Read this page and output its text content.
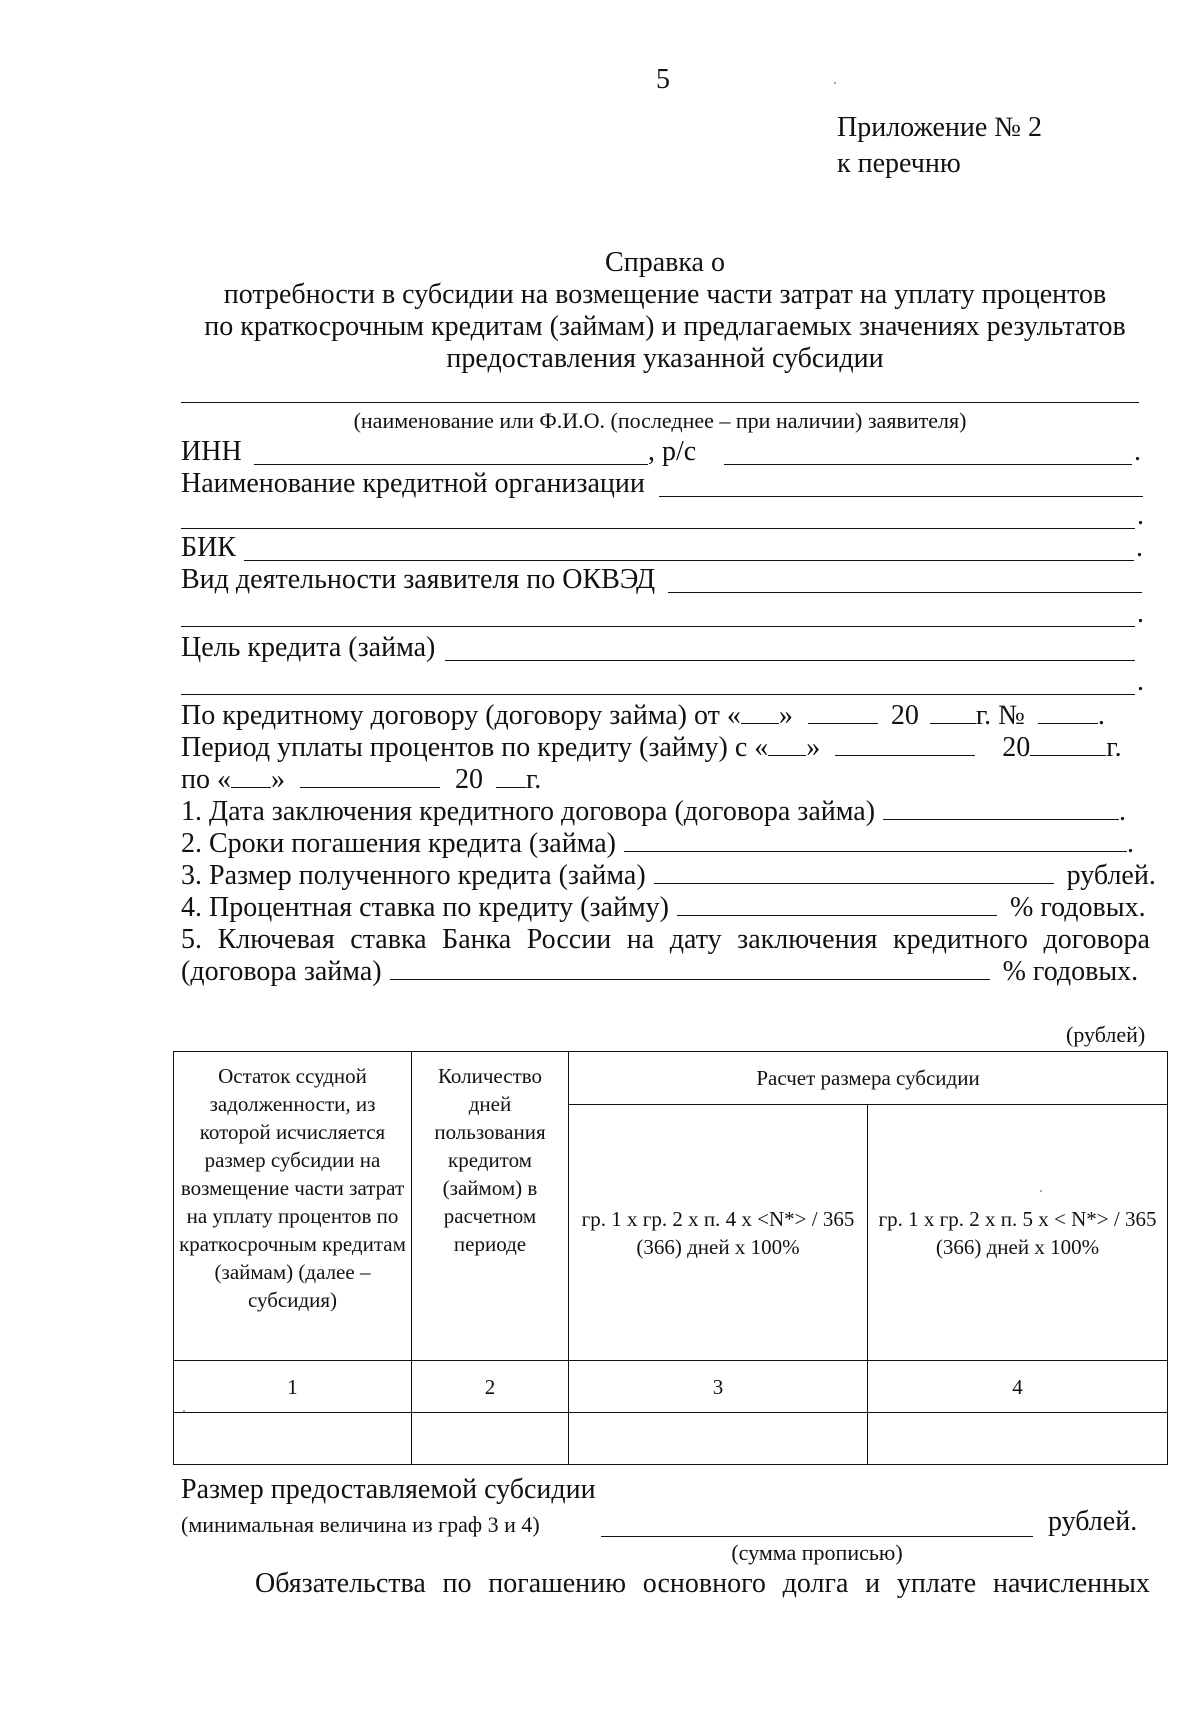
5
Приложение № 2
к перечню
Справка о
потребности в субсидии на возмещение части затрат на уплату процентов
по краткосрочным кредитам (займам) и предлагаемых значениях результатов
предоставления указанной субсидии
(наименование или Ф.И.О. (последнее – при наличии) заявителя)
ИНН	, р/с	.
Наименование кредитной организации
.
БИК	.
Вид деятельности заявителя по ОКВЭД
.
Цель кредита (займа)
.
По кредитному договору (договору займа) от « »	20 г. №	.
Период уплаты процентов по кредиту (займу) с « »	20	г.
по « »	20 г.
1. Дата заключения кредитного договора (договора займа)	.
2. Сроки погашения кредита (займа)	.
3. Размер полученного кредита (займа)	рублей.
4. Процентная ставка по кредиту (займу)	% годовых.
5. Ключевая ставка Банка России на дату заключения кредитного договора
(договора займа)	% годовых.
(рублей)
Остаток ссудной задолженности, из которой исчисляется размер субсидии на возмещение части затрат на уплату процентов по краткосрочным кредитам (займам) (далее – субсидия)	Количество дней пользования кредитом (займом) в расчетном периоде	Расчет размера субсидии	
		гр. 1 х гр. 2 х п. 4 х <N*> / 365 (366) дней х 100%	гр. 1 х гр. 2 х п. 5 х < N*> / 365 (366) дней х 100%
1	2	3	4

Размер предоставляемой субсидии
(минимальная величина из граф 3 и 4)	рублей.
(сумма прописью)
Обязательства по погашению основного долга и уплате начисленных
